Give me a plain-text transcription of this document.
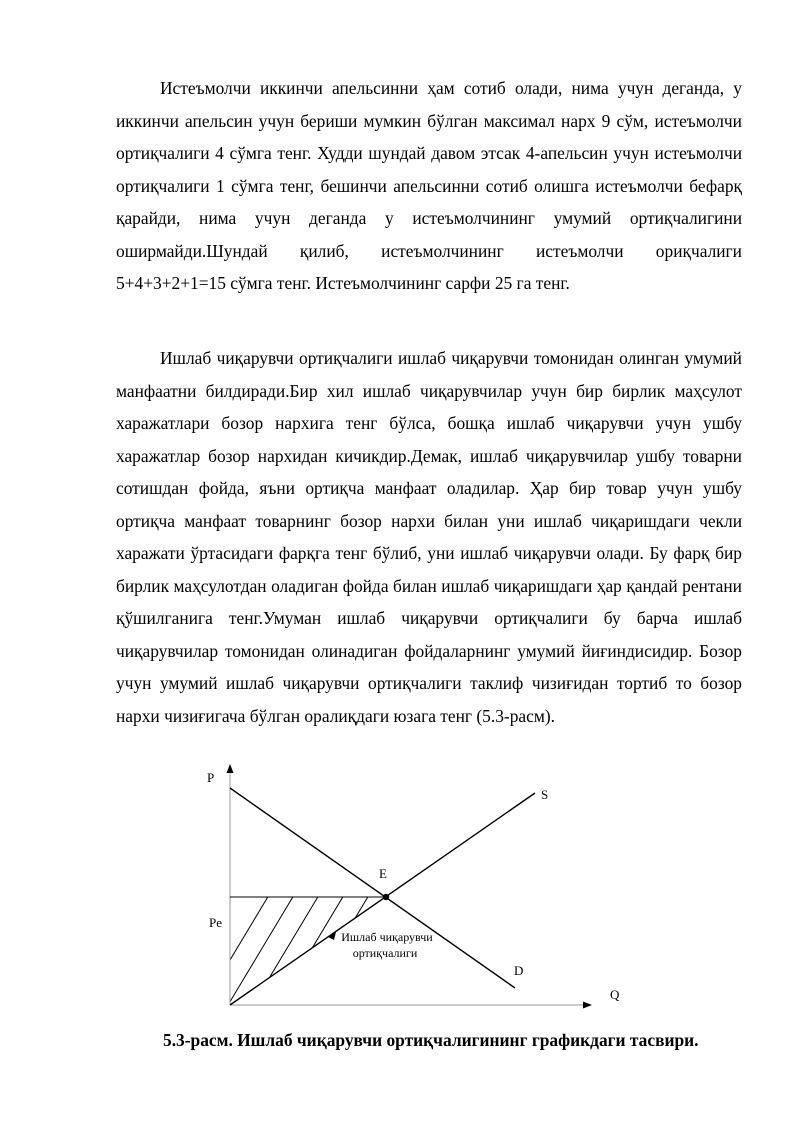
Истеъмолчи иккинчи апельсинни ҳам сотиб олади, нима учун деганда, у иккинчи апельсин учун бериши мумкин бўлган максимал нарх 9 сўм, истеъмолчи ортиқчалиги 4 сўмга тенг. Худди шундай давом этсак 4-апельсин учун истеъмолчи ортиқчалиги 1 сўмга тенг, бешинчи апельсинни сотиб олишга истеъмолчи бефарқ қарайди, нима учун деганда у истеъмолчининг умумий ортиқчалигини оширмайди.Шундай қилиб, истеъмолчининг истеъмолчи ориқчалиги 5+4+3+2+1=15 сўмга тенг. Истеъмолчининг сарфи 25 га тенг.

Ишлаб чиқарувчи ортиқчалиги ишлаб чиқарувчи томонидан олинган умумий манфаатни билдиради.Бир хил ишлаб чиқарувчилар учун бир бирлик маҳсулот харажатлари бозор нархига тенг бўлса, бошқа ишлаб чиқарувчи учун ушбу харажатлар бозор нархидан кичикдир.Демак, ишлаб чиқарувчилар ушбу товарни сотишдан фойда, яъни ортиқча манфаат оладилар. Ҳар бир товар учун ушбу ортиқча манфаат товарнинг бозор нархи билан уни ишлаб чиқаришдаги чекли харажати ўртасидаги фарқга тенг бўлиб, уни ишлаб чиқарувчи олади. Бу фарқ бир бирлик маҳсулотдан оладиган фойда билан ишлаб чиқаришдаги ҳар қандай рентани қўшилганига тенг.Умуман ишлаб чиқарувчи ортиқчалиги бу барча ишлаб чиқарувчилар томонидан олинадиган фойдаларнинг умумий йиғиндисидир. Бозор учун умумий ишлаб чиқарувчи ортиқчалиги таклиф чизиғидан тортиб то бозор нархи чизиғигача бўлган оралиқдаги юзага тенг (5.3-расм).

P
Q
S
D
E
Pe
Ишлаб чиқарувчи
ортиқчалиги

5.3-расм. Ишлаб чиқарувчи ортиқчалигининг графикдаги тасвири.
